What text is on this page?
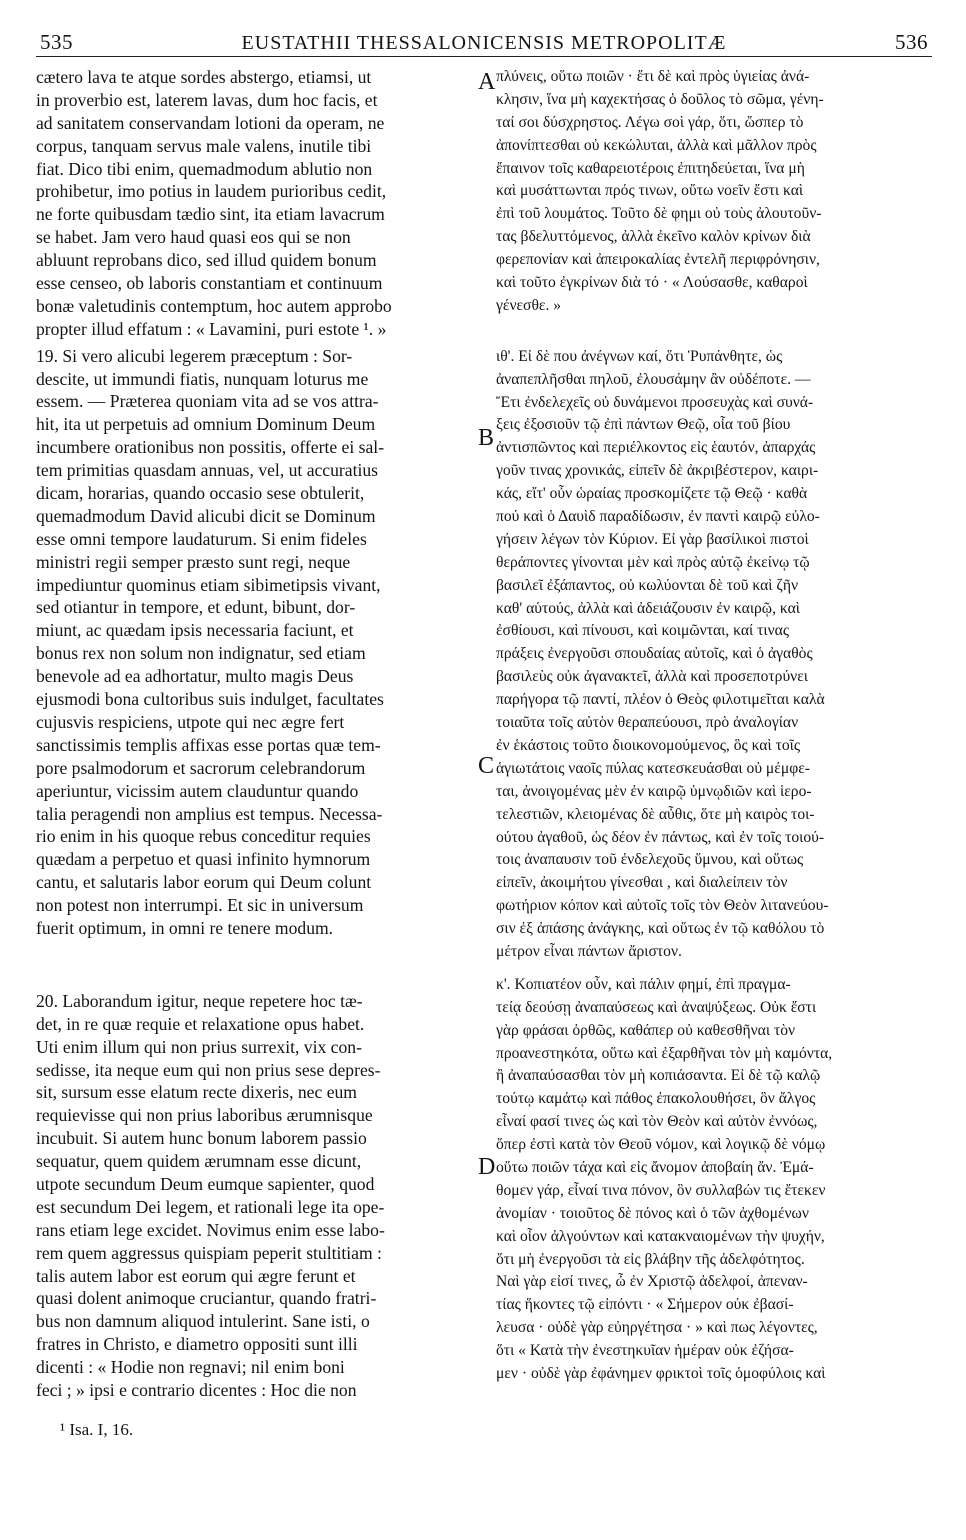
535	EUSTATHII THESSALONICENSIS METROPOLITÆ	536
cætero lava te atque sordes abstergo, etiamsi, ut
in proverbio est, laterem lavas, dum hoc facis, et
ad sanitatem conservandam lotioni da operam, ne
corpus, tanquam servus male valens, inutile tibi
fiat. Dico tibi enim, quemadmodum ablutio non
prohibetur, imo potius in laudem purioribus cedit,
ne forte quibusdam tædio sint, ita etiam lavacrum
se habet. Jam vero haud quasi eos qui se non
abluunt reprobans dico, sed illud quidem bonum
esse censeo, ob laboris constantiam et continuum
bonæ valetudinis contemptum, hoc autem approbo
propter illud effatum : « Lavamini, puri estote ¹. »
19. Si vero alicubi legerem præceptum : Sor-
descite, ut immundi fiatis, nunquam loturus me
essem. — Præterea quoniam vita ad se vos attra-
hit, ita ut perpetuis ad omnium Dominum Deum
incumbere orationibus non possitis, offerte ei sal-
tem primitias quasdam annuas, vel, ut accuratius
dicam, horarias, quando occasio sese obtulerit,
quemadmodum David alicubi dicit se Dominum
esse omni tempore laudaturum. Si enim fideles
ministri regii semper præsto sunt regi, neque
impediuntur quominus etiam sibimetipsis vivant,
sed otiantur in tempore, et edunt, bibunt, dor-
miunt, ac quædam ipsis necessaria faciunt, et
bonus rex non solum non indignatur, sed etiam
benevole ad ea adhortatur, multo magis Deus
ejusmodi bona cultoribus suis indulget, facultates
cujusvis respiciens, utpote qui nec ægre fert
sanctissimis templis affixas esse portas quæ tem-
pore psalmodorum et sacrorum celebrandorum
aperiuntur, vicissim autem clauduntur quando
talia peragendi non amplius est tempus. Necessa-
rio enim in his quoque rebus conceditur requies
quædam a perpetuo et quasi infinito hymnorum
cantu, et salutaris labor eorum qui Deum colunt
non potest non interrumpi. Et sic in universum
fuerit optimum, in omni re tenere modum.
20. Laborandum igitur, neque repetere hoc tæ-
det, in re quæ requie et relaxatione opus habet.
Uti enim illum qui non prius surrexit, vix con-
sedisse, ita neque eum qui non prius sese depres-
sit, sursum esse elatum recte dixeris, nec eum
requievisse qui non prius laboribus ærumnisque
incubuit. Si autem hunc bonum laborem passio
sequatur, quem quidem ærumnam esse dicunt,
utpote secundum Deum eumque sapienter, quod
est secundum Dei legem, et rationali lege ita ope-
rans etiam lege excidet. Novimus enim esse labo-
rem quem aggressus quispiam peperit stultitiam :
talis autem labor est eorum qui ægre ferunt et
quasi dolent animoque cruciantur, quando fratri-
bus non damnum aliquod intulerint. Sane isti, o
fratres in Christo, e diametro oppositi sunt illi
dicenti : « Hodie non regnavi; nil enim boni
feci ; » ipsi e contrario dicentes : Hoc die non
A
B
C
D
πλύνεις, οὕτω ποιῶν · ἔτι δὲ καὶ πρὸς ὑγιείας ἀνά-
κλησιν, ἵνα μὴ καχεκτήσας ὁ δοῦλος τὸ σῶμα, γένη-
ταί σοι δύσχρηστος. Λέγω σοὶ γάρ, ὅτι, ὥσπερ τὸ
ἀπονίπτεσθαι οὐ κεκώλυται, ἀλλὰ καὶ μᾶλλον πρὸς
ἔπαινον τοῖς καθαρειοτέροις ἐπιτηδεύεται, ἵνα μὴ
καὶ μυσάττωνται πρός τινων, οὕτω νοεῖν ἔστι καὶ
ἐπὶ τοῦ λουμάτος. Τοῦτο δὲ φημι οὐ τοὺς ἀλουτοῦν-
τας βδελυττόμενος, ἀλλὰ ἐκεῖνο καλὸν κρίνων διὰ
φερεπονίαν καὶ ἀπειροκαλίας ἐντελῆ περιφρόνησιν,
καὶ τοῦτο ἐγκρίνων διὰ τό · « Λούσασθε, καθαροὶ
γένεσθε. »
ιθ'. Εἰ δὲ που ἀνέγνων καί, ὅτι Ῥυπάνθητε, ὡς
ἀναπεπλῆσθαι πηλοῦ, ἐλουσάμην ἂν οὐδέποτε. —
Ἔτι ἐνδελεχεῖς οὐ δυνάμενοι προσευχὰς καὶ συνά-
ξεις ἐξοσιοῦν τῷ ἐπὶ πάντων Θεῷ, οἷα τοῦ βίου
ἀντισπῶντος καὶ περιέλκοντος εἰς ἑαυτόν, ἀπαρχάς
γοῦν τινας χρονικάς, εἰπεῖν δὲ ἀκριβέστερον, καιρι-
κάς, εἴτ' οὖν ὡραίας προσκομίζετε τῷ Θεῷ · καθὰ
πού καὶ ὁ Δαυὶδ παραδίδωσιν, ἐν παντὶ καιρῷ εὐλο-
γήσειν λέγων τὸν Κύριον. Εἰ γὰρ βασίλικοὶ πιστοὶ
θεράποντες γίνονται μὲν καὶ πρὸς αὐτῷ ἐκείνῳ τῷ
βασιλεῖ ἐξάπαντος, οὐ κωλύονται δὲ τοῦ καὶ ζῆν
καθ' αὑτούς, ἀλλὰ καὶ ἀδειάζουσιν ἐν καιρῷ, καὶ
ἐσθίουσι, καὶ πίνουσι, καὶ κοιμῶνται, καί τινας
πράξεις ἐνεργοῦσι σπουδαίας αὐτοῖς, καὶ ὁ ἀγαθὸς
βασιλεὺς οὐκ ἀγανακτεῖ, ἀλλὰ καὶ προσεποτρύνει
παρήγορα τῷ παντί, πλέον ὁ Θεὸς φιλοτιμεῖται καλὰ
τοιαῦτα τοῖς αὐτὸν θεραπεύουσι, πρὸ ἀναλογίαν
ἐν ἑκάστοις τοῦτο διοικονομούμενος, ὃς καὶ τοῖς
ἁγιωτάτοις ναοῖς πύλας κατεσκευάσθαι οὐ μέμφε-
ται, ἀνοιγομένας μὲν ἐν καιρῷ ὑμνῳδιῶν καὶ ἱερο-
τελεστιῶν, κλειομένας δὲ αὖθις, ὅτε μὴ καιρὸς τοι-
ούτου ἀγαθοῦ, ὡς δέον ἐν πάντως, καὶ ἐν τοῖς τοιού-
τοις ἀναπαυσιν τοῦ ἐνδελεχοῦς ὕμνου, καὶ οὕτως
εἰπεῖν, ἀκοιμήτου γίνεσθαι , καὶ διαλείπειν τὸν
φωτήριον κόπον καὶ αὐτοῖς τοῖς τὸν Θεὸν λιτανεύου-
σιν ἐξ ἀπάσης ἀνάγκης, καὶ οὕτως ἐν τῷ καθόλου τὸ
μέτρον εἶναι πάντων ἄριστον.
κ'. Κοπιατέον οὖν, καὶ πάλιν φημί, ἐπὶ πραγμα-
τείᾳ δεούσῃ ἀναπαύσεως καὶ ἀναψύξεως. Οὐκ ἔστι
γὰρ φράσαι ὀρθῶς, καθάπερ οὐ καθεσθῆναι τὸν
προανεστηκότα, οὕτω καὶ ἐξαρθῆναι τὸν μὴ καμόντα,
ἢ ἀναπαύσασθαι τὸν μὴ κοπιάσαντα. Εἰ δὲ τῷ καλῷ
τούτῳ καμάτῳ καὶ πάθος ἐπακολουθήσει, ὃν ἄλγος
εἶναί φασί τινες ὡς καὶ τὸν Θεὸν καὶ αὐτὸν ἐννόως,
ὅπερ ἐστὶ κατὰ τὸν Θεοῦ νόμον, καὶ λογικῷ δὲ νόμῳ
οὕτω ποιῶν τάχα καὶ εἰς ἄνομον ἀποβαίη ἄν. Ἐμά-
θομεν γάρ, εἶναί τινα πόνον, ὃν συλλαβών τις ἔτεκεν
ἀνομίαν · τοιοῦτος δὲ πόνος καὶ ὁ τῶν ἀχθομένων
καὶ οἷον ἀλγούντων καὶ κατακναιομένων τὴν ψυχήν,
ὅτι μὴ ἐνεργοῦσι τὰ εἰς βλάβην τῆς ἀδελφότητος.
Ναὶ γὰρ εἰσί τινες, ὦ ἐν Χριστῷ ἀδελφοί, ἀπεναν-
τίας ἥκοντες τῷ εἰπόντι · « Σήμερον οὐκ ἐβασί-
λευσα · οὐδὲ γὰρ εὐηργέτησα · » καὶ πως λέγοντες,
ὅτι « Κατὰ τὴν ἐνεστηκυῖαν ἡμέραν οὐκ ἐζήσα-
μεν · οὐδὲ γὰρ ἐφάνημεν φρικτοὶ τοῖς ὁμοφύλοις καὶ
¹ Isa. I, 16.
